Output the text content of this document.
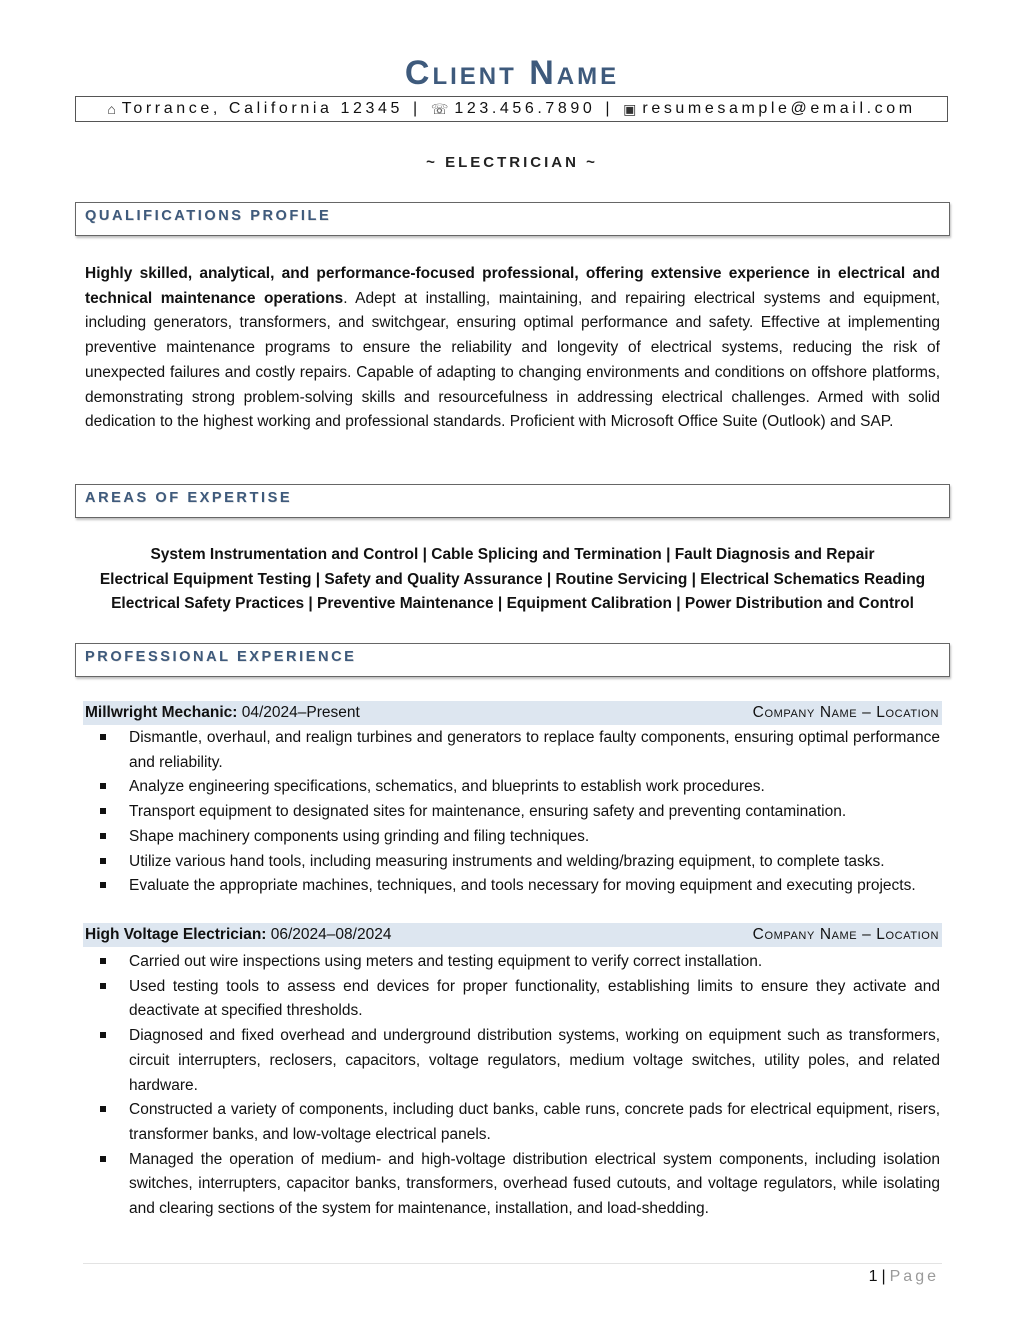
Client Name
⌂ Torrance, California 12345 | ☏ 123.456.7890 | ▣ resumesample@email.com
~ ELECTRICIAN ~
QUALIFICATIONS PROFILE
Highly skilled, analytical, and performance-focused professional, offering extensive experience in electrical and technical maintenance operations. Adept at installing, maintaining, and repairing electrical systems and equipment, including generators, transformers, and switchgear, ensuring optimal performance and safety. Effective at implementing preventive maintenance programs to ensure the reliability and longevity of electrical systems, reducing the risk of unexpected failures and costly repairs. Capable of adapting to changing environments and conditions on offshore platforms, demonstrating strong problem-solving skills and resourcefulness in addressing electrical challenges. Armed with solid dedication to the highest working and professional standards. Proficient with Microsoft Office Suite (Outlook) and SAP.
AREAS OF EXPERTISE
System Instrumentation and Control | Cable Splicing and Termination | Fault Diagnosis and Repair
Electrical Equipment Testing | Safety and Quality Assurance | Routine Servicing | Electrical Schematics Reading
Electrical Safety Practices | Preventive Maintenance | Equipment Calibration | Power Distribution and Control
PROFESSIONAL EXPERIENCE
Millwright Mechanic: 04/2024–Present	Company Name – Location
Dismantle, overhaul, and realign turbines and generators to replace faulty components, ensuring optimal performance and reliability.
Analyze engineering specifications, schematics, and blueprints to establish work procedures.
Transport equipment to designated sites for maintenance, ensuring safety and preventing contamination.
Shape machinery components using grinding and filing techniques.
Utilize various hand tools, including measuring instruments and welding/brazing equipment, to complete tasks.
Evaluate the appropriate machines, techniques, and tools necessary for moving equipment and executing projects.
High Voltage Electrician: 06/2024–08/2024	Company Name – Location
Carried out wire inspections using meters and testing equipment to verify correct installation.
Used testing tools to assess end devices for proper functionality, establishing limits to ensure they activate and deactivate at specified thresholds.
Diagnosed and fixed overhead and underground distribution systems, working on equipment such as transformers, circuit interrupters, reclosers, capacitors, voltage regulators, medium voltage switches, utility poles, and related hardware.
Constructed a variety of components, including duct banks, cable runs, concrete pads for electrical equipment, risers, transformer banks, and low-voltage electrical panels.
Managed the operation of medium- and high-voltage distribution electrical system components, including isolation switches, interrupters, capacitor banks, transformers, overhead fused cutouts, and voltage regulators, while isolating and clearing sections of the system for maintenance, installation, and load-shedding.
1 | Page
